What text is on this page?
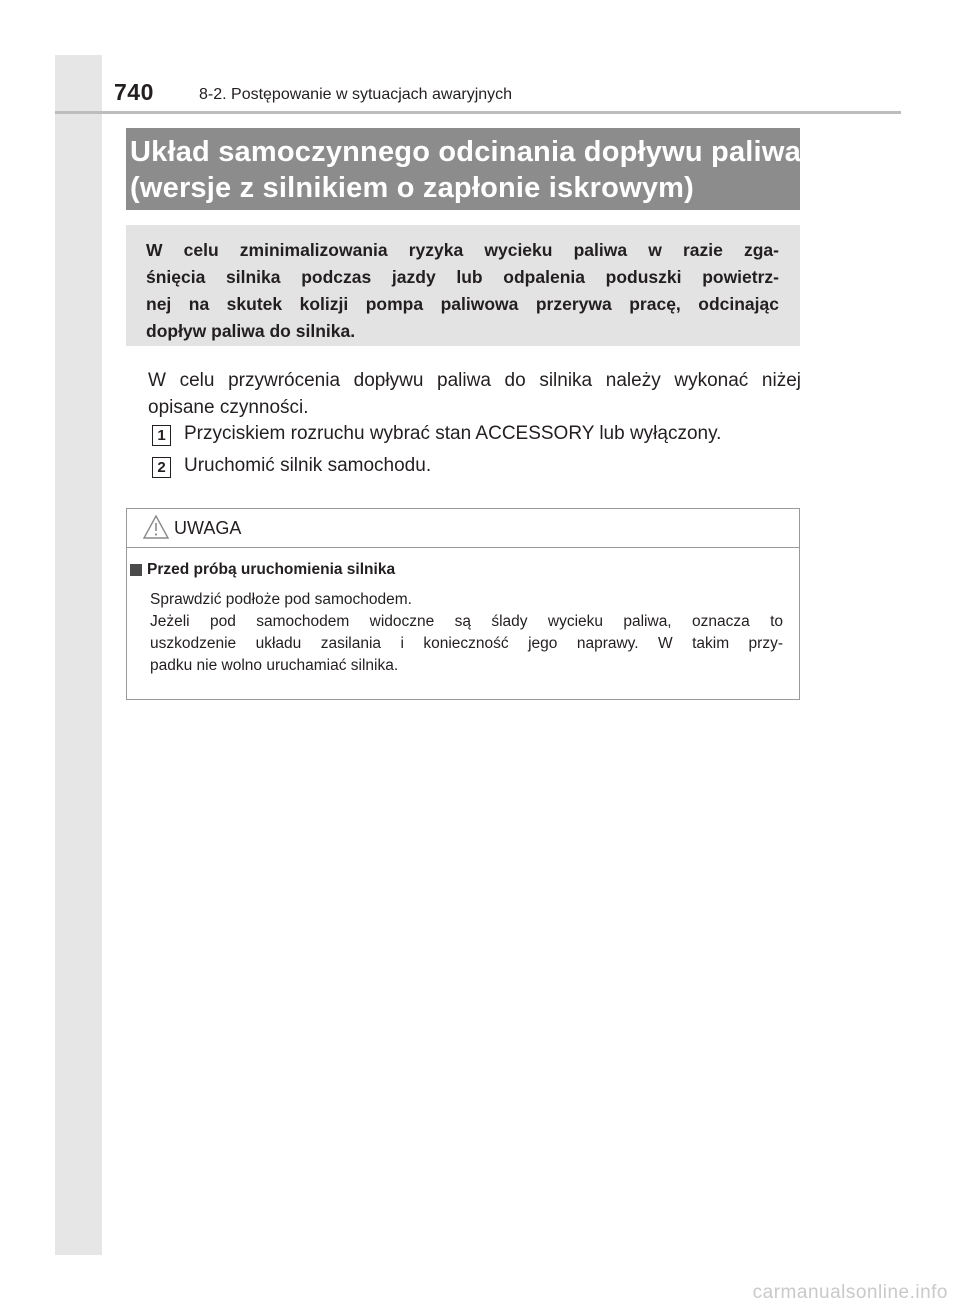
740	8-2. Postępowanie w sytuacjach awaryjnych
Układ samoczynnego odcinania dopływu paliwa
(wersje z silnikiem o zapłonie iskrowym)
W celu zminimalizowania ryzyka wycieku paliwa w razie zga-
śnięcia silnika podczas jazdy lub odpalenia poduszki powietrz-
nej na skutek kolizji pompa paliwowa przerywa pracę, odcinając
dopływ paliwa do silnika.
W celu przywrócenia dopływu paliwa do silnika należy wykonać niżej
opisane czynności.
1 Przyciskiem rozruchu wybrać stan ACCESSORY lub wyłączony.
2 Uruchomić silnik samochodu.
UWAGA
Przed próbą uruchomienia silnika
Sprawdzić podłoże pod samochodem.
Jeżeli pod samochodem widoczne są ślady wycieku paliwa, oznacza to
uszkodzenie układu zasilania i konieczność jego naprawy. W takim przy-
padku nie wolno uruchamiać silnika.
carmanualsonline.info
